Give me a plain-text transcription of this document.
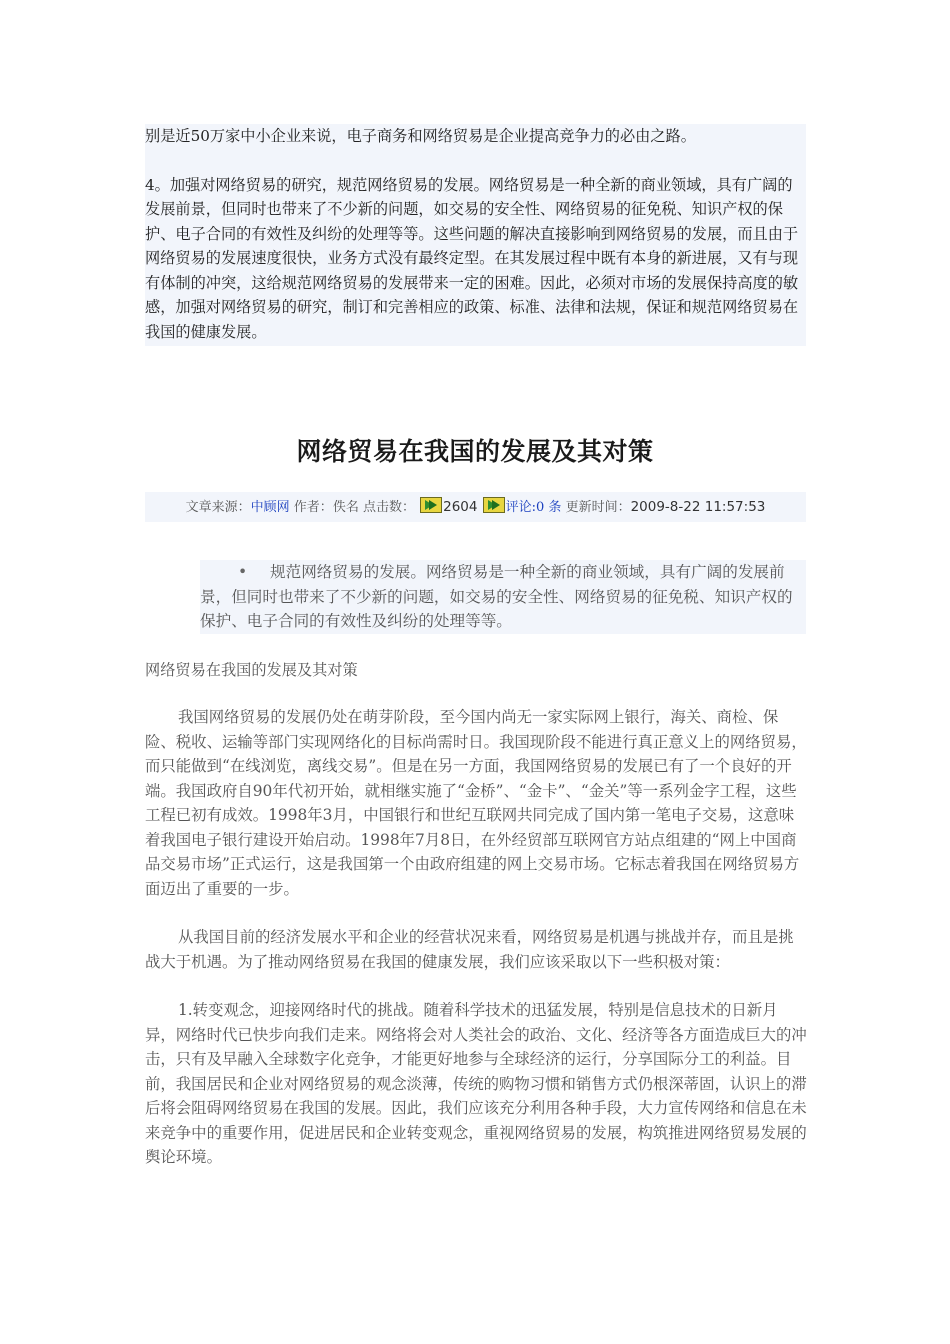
别是近50万家中小企业来说，电子商务和网络贸易是企业提高竞争力的必由之路。

4。加强对网络贸易的研究，规范网络贸易的发展。网络贸易是一种全新的商业领域，具有广阔的发展前景，但同时也带来了不少新的问题，如交易的安全性、网络贸易的征免税、知识产权的保护、电子合同的有效性及纠纷的处理等等。这些问题的解决直接影响到网络贸易的发展，而且由于网络贸易的发展速度很快，业务方式没有最终定型。在其发展过程中既有本身的新进展，又有与现有体制的冲突，这给规范网络贸易的发展带来一定的困难。因此，必须对市场的发展保持高度的敏感，加强对网络贸易的研究，制订和完善相应的政策、标准、法律和法规，保证和规范网络贸易在我国的健康发展。

网络贸易在我国的发展及其对策
文章来源：中顾网 作者：佚名 点击数： 2604 评论:0 条 更新时间：2009-8-22 11:57:53
• 规范网络贸易的发展。网络贸易是一种全新的商业领域，具有广阔的发展前景，但同时也带来了不少新的问题，如交易的安全性、网络贸易的征免税、知识产权的保护、电子合同的有效性及纠纷的处理等等。
网络贸易在我国的发展及其对策

我国网络贸易的发展仍处在萌芽阶段，至今国内尚无一家实际网上银行，海关、商检、保险、税收、运输等部门实现网络化的目标尚需时日。我国现阶段不能进行真正意义上的网络贸易，而只能做到“在线浏览，离线交易”。但是在另一方面，我国网络贸易的发展已有了一个良好的开端。我国政府自90年代初开始，就相继实施了“金桥”、“金卡”、“金关”等一系列金字工程，这些工程已初有成效。1998年3月，中国银行和世纪互联网共同完成了国内第一笔电子交易，这意味着我国电子银行建设开始启动。1998年7月8日，在外经贸部互联网官方站点组建的“网上中国商品交易市场”正式运行，这是我国第一个由政府组建的网上交易市场。它标志着我国在网络贸易方面迈出了重要的一步。

从我国目前的经济发展水平和企业的经营状况来看，网络贸易是机遇与挑战并存，而且是挑战大于机遇。为了推动网络贸易在我国的健康发展，我们应该采取以下一些积极对策：

1.转变观念，迎接网络时代的挑战。随着科学技术的迅猛发展，特别是信息技术的日新月异，网络时代已快步向我们走来。网络将会对人类社会的政治、文化、经济等各方面造成巨大的冲击，只有及早融入全球数字化竞争，才能更好地参与全球经济的运行，分享国际分工的利益。目前，我国居民和企业对网络贸易的观念淡薄，传统的购物习惯和销售方式仍根深蒂固，认识上的滞后将会阻碍网络贸易在我国的发展。因此，我们应该充分利用各种手段，大力宣传网络和信息在未来竞争中的重要作用，促进居民和企业转变观念，重视网络贸易的发展，构筑推进网络贸易发展的舆论环境。
